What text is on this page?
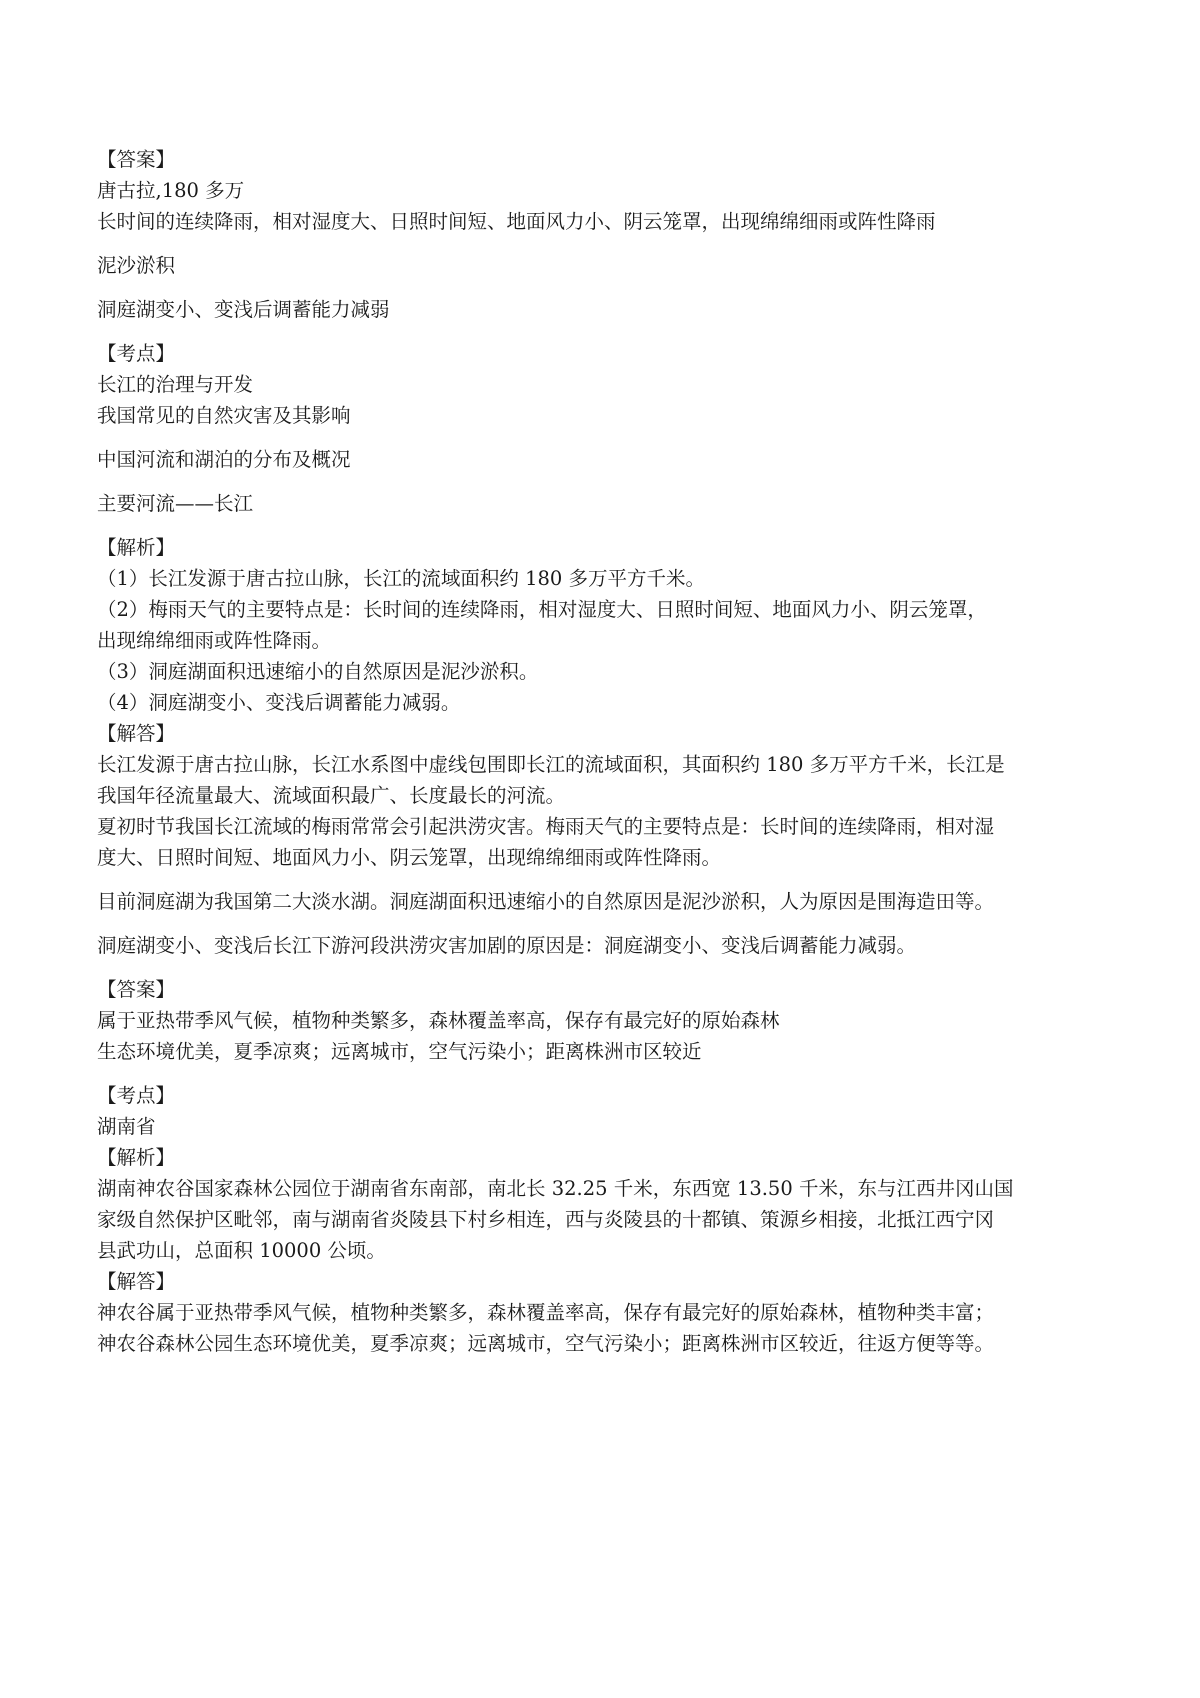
【答案】

唐古拉,180 多万

长时间的连续降雨，相对湿度大、日照时间短、地面风力小、阴云笼罩，出现绵绵细雨或阵性降雨

泥沙淤积

洞庭湖变小、变浅后调蓄能力减弱

【考点】

长江的治理与开发

我国常见的自然灾害及其影响

中国河流和湖泊的分布及概况

主要河流——长江

【解析】

（1）长江发源于唐古拉山脉，长江的流域面积约 180 多万平方千米。

（2）梅雨天气的主要特点是：长时间的连续降雨，相对湿度大、日照时间短、地面风力小、阴云笼罩，

出现绵绵细雨或阵性降雨。

（3）洞庭湖面积迅速缩小的自然原因是泥沙淤积。

（4）洞庭湖变小、变浅后调蓄能力减弱。

【解答】

长江发源于唐古拉山脉，长江水系图中虚线包围即长江的流域面积，其面积约 180 多万平方千米，长江是

我国年径流量最大、流域面积最广、长度最长的河流。

夏初时节我国长江流域的梅雨常常会引起洪涝灾害。梅雨天气的主要特点是：长时间的连续降雨，相对湿

度大、日照时间短、地面风力小、阴云笼罩，出现绵绵细雨或阵性降雨。

目前洞庭湖为我国第二大淡水湖。洞庭湖面积迅速缩小的自然原因是泥沙淤积，人为原因是围海造田等。

洞庭湖变小、变浅后长江下游河段洪涝灾害加剧的原因是：洞庭湖变小、变浅后调蓄能力减弱。

【答案】

属于亚热带季风气候，植物种类繁多，森林覆盖率高，保存有最完好的原始森林

生态环境优美，夏季凉爽；远离城市，空气污染小；距离株洲市区较近

【考点】

湖南省

【解析】

湖南神农谷国家森林公园位于湖南省东南部，南北长 32.25 千米，东西宽 13.50 千米，东与江西井冈山国

家级自然保护区毗邻，南与湖南省炎陵县下村乡相连，西与炎陵县的十都镇、策源乡相接，北抵江西宁冈

县武功山，总面积 10000 公顷。

【解答】

神农谷属于亚热带季风气候，植物种类繁多，森林覆盖率高，保存有最完好的原始森林，植物种类丰富；

神农谷森林公园生态环境优美，夏季凉爽；远离城市，空气污染小；距离株洲市区较近，往返方便等等。
